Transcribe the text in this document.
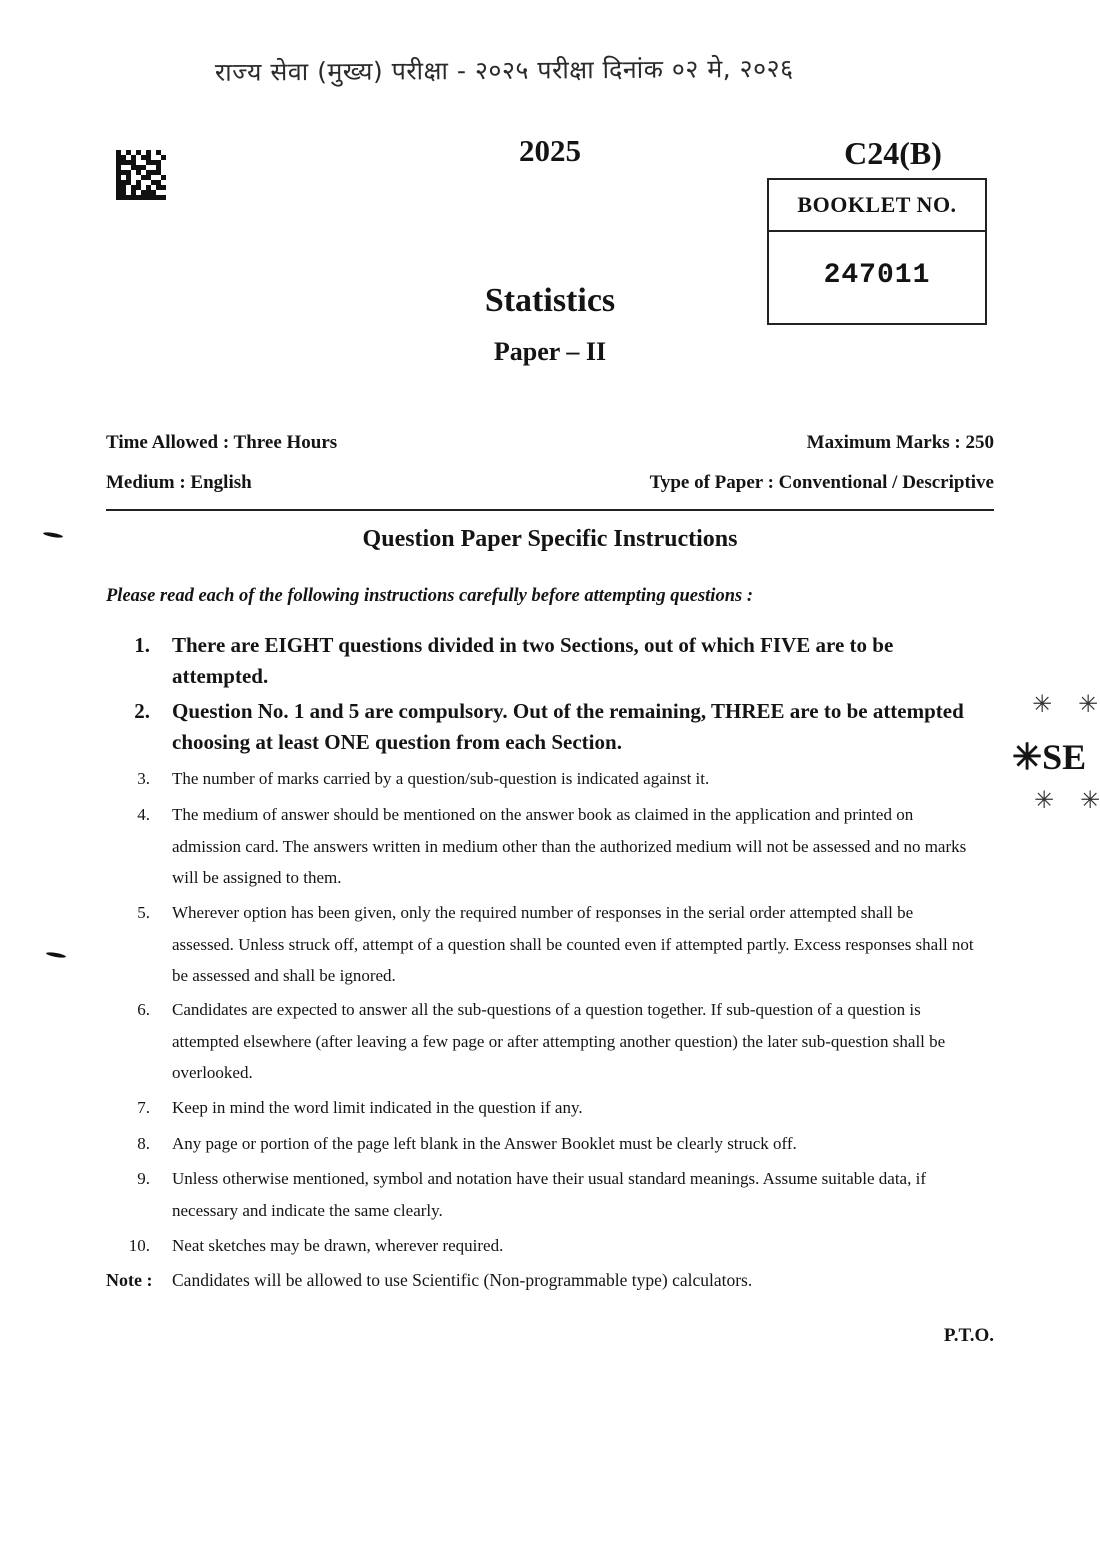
राज्य सेवा (मुख्य) परीक्षा - २०२५ परीक्षा दिनांक ०२ मे, २०२६
2025	C24(B)
BOOKLET NO.
247011
Statistics
Paper – II
Time Allowed : Three Hours	Maximum Marks : 250
Medium : English	Type of Paper : Conventional / Descriptive
Question Paper Specific Instructions
Please read each of the following instructions carefully before attempting questions :
1. There are EIGHT questions divided in two Sections, out of which FIVE are to be attempted.
2. Question No. 1 and 5 are compulsory. Out of the remaining, THREE are to be attempted choosing at least ONE question from each Section.
3. The number of marks carried by a question/sub-question is indicated against it.
4. The medium of answer should be mentioned on the answer book as claimed in the application and printed on admission card. The answers written in medium other than the authorized medium will not be assessed and no marks will be assigned to them.
5. Wherever option has been given, only the required number of responses in the serial order attempted shall be assessed. Unless struck off, attempt of a question shall be counted even if attempted partly. Excess responses shall not be assessed and shall be ignored.
6. Candidates are expected to answer all the sub-questions of a question together. If sub-question of a question is attempted elsewhere (after leaving a few page or after attempting another question) the later sub-question shall be overlooked.
7. Keep in mind the word limit indicated in the question if any.
8. Any page or portion of the page left blank in the Answer Booklet must be clearly struck off.
9. Unless otherwise mentioned, symbol and notation have their usual standard meanings. Assume suitable data, if necessary and indicate the same clearly.
10. Neat sketches may be drawn, wherever required.
Note : Candidates will be allowed to use Scientific (Non-programmable type) calculators.
P.T.O.
✳ ✳
✳SE
✳ ✳
